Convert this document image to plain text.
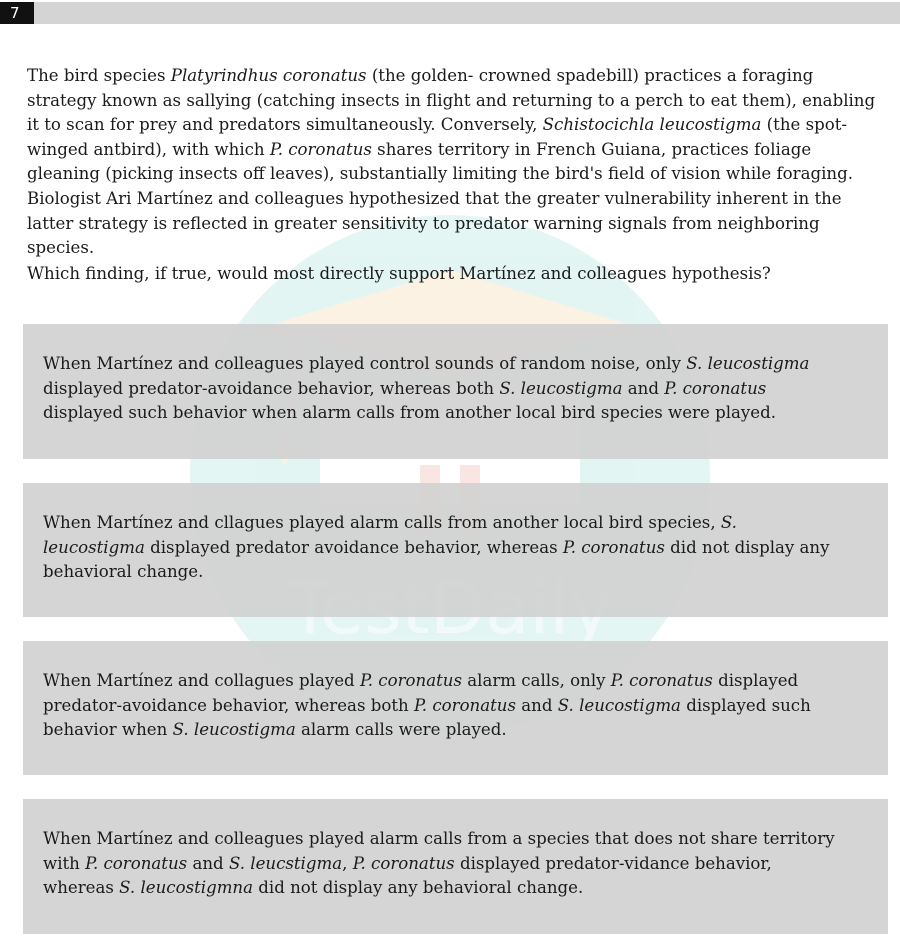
7
The bird species Platyrindhus coronatus (the golden- crowned spadebill) practices a foraging strategy known as sallying (catching insects in flight and returning to a perch to eat them), enabling it to scan for prey and predators simultaneously. Conversely, Schistocichla leucostigma (the spot-winged antbird), with which P. coronatus shares territory in French Guiana, practices foliage gleaning (picking insects off leaves), substantially limiting the bird's field of vision while foraging. Biologist Ari Martínez and colleagues hypothesized that the greater vulnerability inherent in the latter strategy is reflected in greater sensitivity to predator warning signals from neighboring species.
Which finding, if true, would most directly support Martínez and colleagues hypothesis?
When Martínez and colleagues played control sounds of random noise, only S. leucostigma displayed predator-avoidance behavior, whereas both S. leucostigma and P. coronatus displayed such behavior when alarm calls from another local bird species were played.
When Martínez and cllagues played alarm calls from another local bird species, S. leucostigma displayed predator avoidance behavior, whereas P. coronatus did not display any behavioral change.
When Martínez and collagues played P. coronatus alarm calls, only P. coronatus displayed predator-avoidance behavior, whereas both P. coronatus and S. leucostigma displayed such behavior when S. leucostigma alarm calls were played.
When Martínez and colleagues played alarm calls from a species that does not share territory with P. coronatus and S. leucstigma, P. coronatus displayed predator-vidance behavior, whereas S. leucostigmna did not display any behavioral change.
